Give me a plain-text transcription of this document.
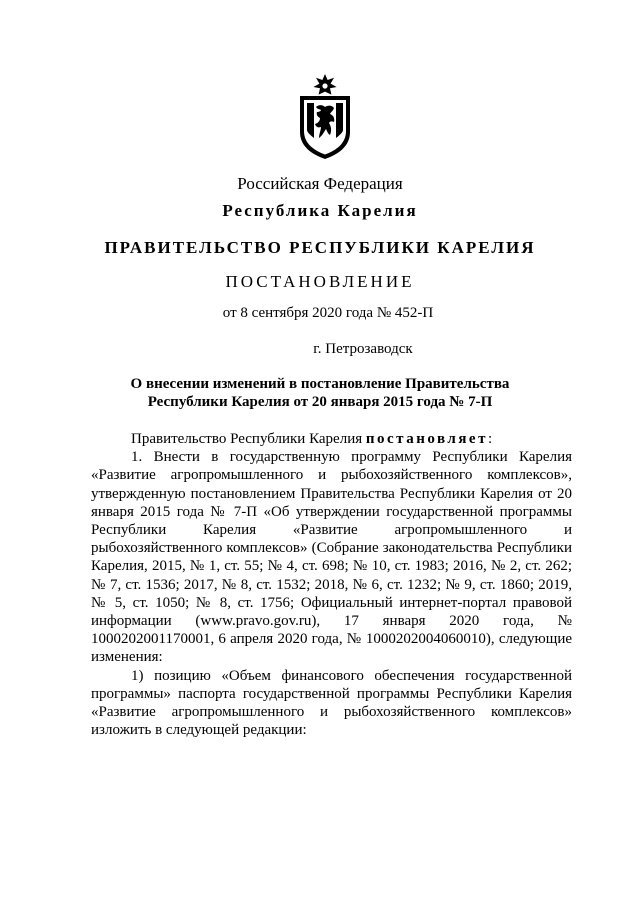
Российская Федерация
Республика Карелия
ПРАВИТЕЛЬСТВО РЕСПУБЛИКИ КАРЕЛИЯ
ПОСТАНОВЛЕНИЕ
от 8 сентября 2020 года № 452-П
г. Петрозаводск
О внесении изменений в постановление Правительства
Республики Карелия от 20 января 2015 года № 7-П

Правительство Республики Карелия постановляет:

1. Внести в государственную программу Республики Карелия «Развитие агропромышленного и рыбохозяйственного комплексов», утвержденную постановлением Правительства Республики Карелия от 20 января 2015 года № 7-П «Об утверждении государственной программы Республики Карелия «Развитие агропромышленного и рыбохозяйственного комплексов» (Собрание законодательства Республики Карелия, 2015, № 1, ст. 55; № 4, ст. 698; № 10, ст. 1983; 2016, № 2, ст. 262; № 7, ст. 1536; 2017, № 8, ст. 1532; 2018, № 6, ст. 1232; № 9, ст. 1860; 2019, № 5, ст. 1050; № 8, ст. 1756; Официальный интернет-портал правовой информации (www.pravo.gov.ru), 17 января 2020 года, № 1000202001170001, 6 апреля 2020 года, № 1000202004060010), следующие изменения:

1) позицию «Объем финансового обеспечения государственной программы» паспорта государственной программы Республики Карелия «Развитие агропромышленного и рыбохозяйственного комплексов» изложить в следующей редакции:
